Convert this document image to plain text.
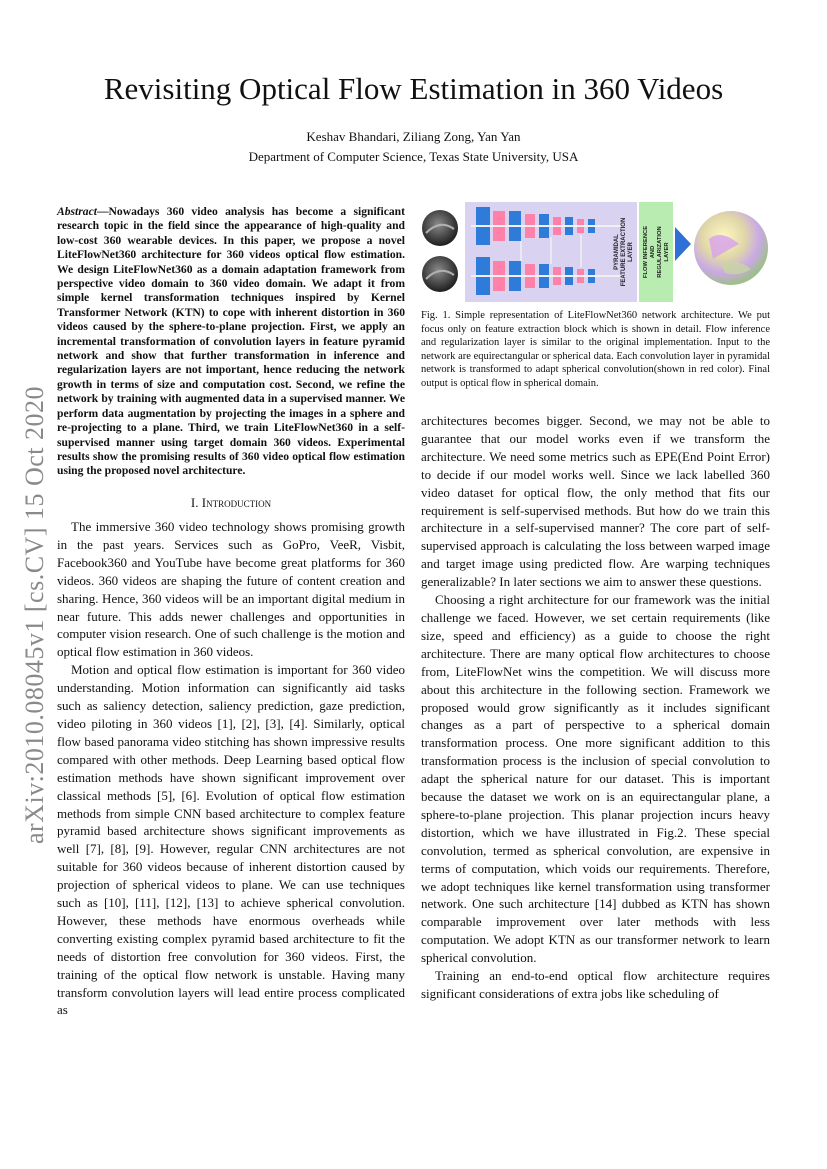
Revisiting Optical Flow Estimation in 360 Videos
Keshav Bhandari, Ziliang Zong, Yan Yan
Department of Computer Science, Texas State University, USA
arXiv:2010.08045v1 [cs.CV] 15 Oct 2020
Abstract—Nowadays 360 video analysis has become a significant research topic in the field since the appearance of high-quality and low-cost 360 wearable devices. In this paper, we propose a novel LiteFlowNet360 architecture for 360 videos optical flow estimation. We design LiteFlowNet360 as a domain adaptation framework from perspective video domain to 360 video domain. We adapt it from simple kernel transformation techniques inspired by Kernel Transformer Network (KTN) to cope with inherent distortion in 360 videos caused by the sphere-to-plane projection. First, we apply an incremental transformation of convolution layers in feature pyramid network and show that further transformation in inference and regularization layers are not important, hence reducing the network growth in terms of size and computation cost. Second, we refine the network by training with augmented data in a supervised manner. We perform data augmentation by projecting the images in a sphere and re-projecting to a plane. Third, we train LiteFlowNet360 in a self-supervised manner using target domain 360 videos. Experimental results show the promising results of 360 video optical flow estimation using the proposed novel architecture.
I. Introduction

The immersive 360 video technology shows promising growth in the past years. Services such as GoPro, VeeR, Visbit, Facebook360 and YouTube have become great platforms for 360 videos. 360 videos are shaping the future of content creation and sharing. Hence, 360 videos will be an important digital medium in near future. This adds newer challenges and opportunities in computer vision research. One of such challenge is the motion and optical flow estimation in 360 videos.

Motion and optical flow estimation is important for 360 video understanding. Motion information can significantly aid tasks such as saliency detection, saliency prediction, gaze prediction, video piloting in 360 videos [1], [2], [3], [4]. Similarly, optical flow based panorama video stitching has shown impressive results compared with other methods. Deep Learning based optical flow estimation methods have shown significant improvement over classical methods [5], [6]. Evolution of optical flow estimation methods from simple CNN based architecture to complex feature pyramid based architecture shows significant improvements as well [7], [8], [9]. However, regular CNN architectures are not suitable for 360 videos because of inherent distortion caused by projection of spherical videos to plane. We can use techniques such as [10], [11], [12], [13] to achieve spherical convolution. However, these methods have enormous overheads while converting existing complex pyramid based architecture to fit the needs of distortion free convolution for 360 videos. First, the training of the optical flow network is unstable. Having many transform convolution layers will lead entire process complicated as

PYRAMIDAL FEATURE EXTRACTION LAYER FLOW INFERENCE AND REGULARIZATION LAYER
Fig. 1. Simple representation of LiteFlowNet360 network architecture. We put focus only on feature extraction block which is shown in detail. Flow inference and regularization layer is similar to the original implementation. Input to the network are equirectangular or spherical data. Each convolution layer in pyramidal network is transformed to adapt spherical convolution(shown in red color). Final output is optical flow in spherical domain.

architectures becomes bigger. Second, we may not be able to guarantee that our model works even if we transform the architecture. We need some metrics such as EPE(End Point Error) to decide if our model works well. Since we lack labelled 360 video dataset for optical flow, the only method that fits our requirement is self-supervised methods. But how do we train this architecture in a self-supervised manner? The core part of self-supervised approach is calculating the loss between warped image and target image using predicted flow. Are warping techniques generalizable? In later sections we aim to answer these questions.

Choosing a right architecture for our framework was the initial challenge we faced. However, we set certain requirements (like size, speed and efficiency) as a guide to choose the right architecture. There are many optical flow architectures to choose from, LiteFlowNet wins the competition. We will discuss more about this architecture in the following section. Framework we proposed would grow significantly as it includes significant changes as a part of perspective to a spherical domain transformation process. One more significant addition to this transformation process is the inclusion of special convolution to adapt the spherical nature for our dataset. This is important because the dataset we work on is an equirectangular plane, a sphere-to-plane projection. This planar projection incurs heavy distortion, which we have illustrated in Fig.2. These special convolution, termed as spherical convolution, are expensive in terms of computation, which voids our requirements. Therefore, we adopt techniques like kernel transformation using transformer network. One such architecture [14] dubbed as KTN has shown comparable improvement over later methods with less computation. We adopt KTN as our transformer network to learn spherical convolution.

Training an end-to-end optical flow architecture requires significant considerations of extra jobs like scheduling of
